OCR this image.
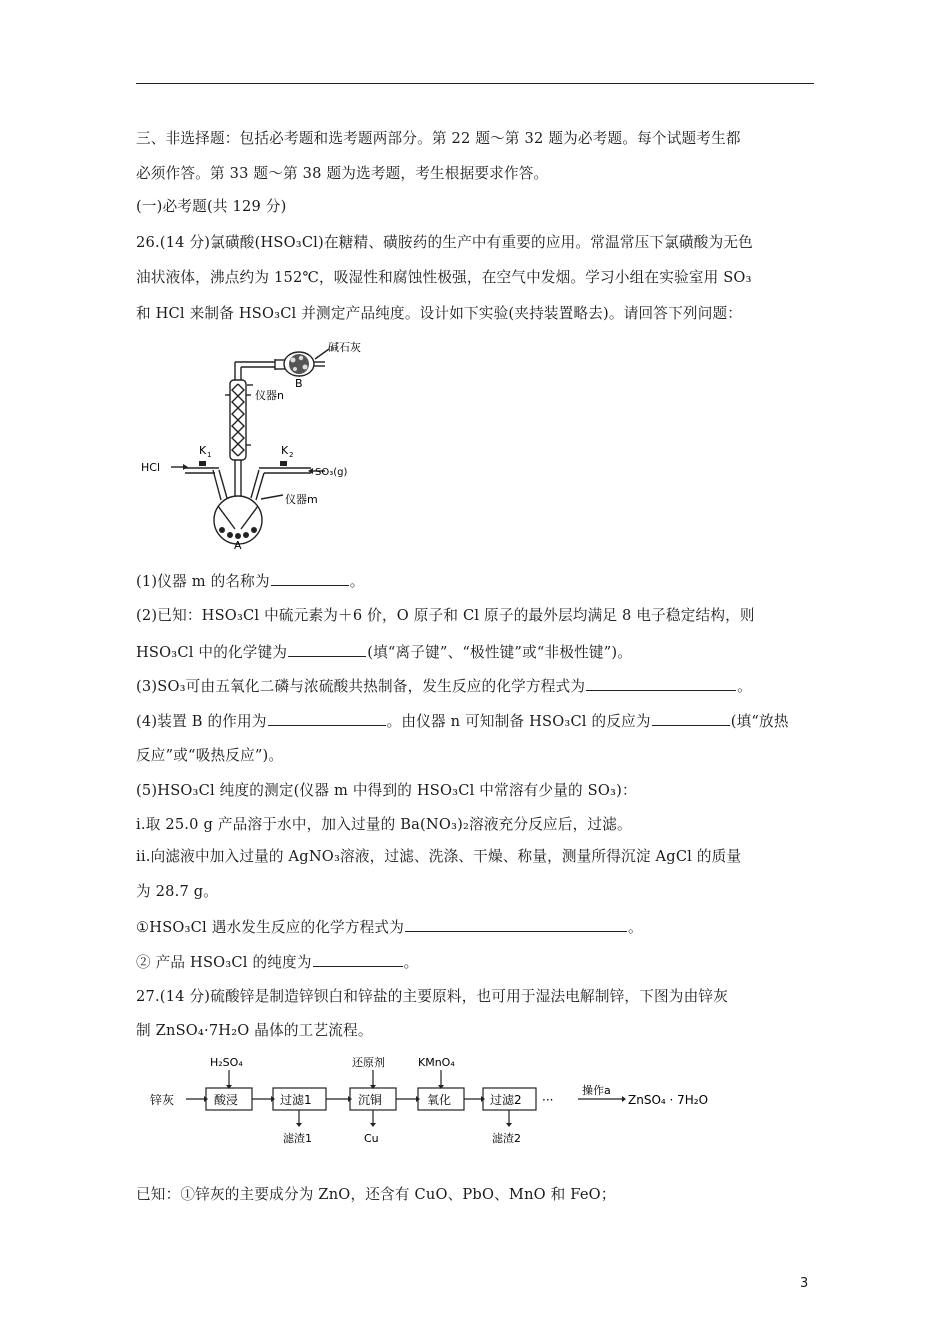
三、非选择题：包括必考题和选考题两部分。第 22 题～第 32 题为必考题。每个试题考生都
必须作答。第 33 题～第 38 题为选考题，考生根据要求作答。
(一)必考题(共 129 分)
26.(14 分)氯磺酸(HSO₃Cl)在糖精、磺胺药的生产中有重要的应用。常温常压下氯磺酸为无色
油状液体，沸点约为 152℃，吸湿性和腐蚀性极强，在空气中发烟。学习小组在实验室用 SO₃
和 HCl 来制备 HSO₃Cl 并测定产品纯度。设计如下实验(夹持装置略去)。请回答下列问题：
碱石灰
B
仪器n
K 1	K 2
HCl	SO₃(g)
仪器m
A
(1)仪器 m 的名称为	。
(2)已知：HSO₃Cl 中硫元素为＋6 价，O 原子和 Cl 原子的最外层均满足 8 电子稳定结构，则
HSO₃Cl 中的化学键为	(填“离子键”、“极性键”或“非极性键”)。
(3)SO₃可由五氧化二磷与浓硫酸共热制备，发生反应的化学方程式为	。
(4)装置 B 的作用为	。由仪器 n 可知制备 HSO₃Cl 的反应为	(填“放热
反应”或“吸热反应”)。
(5)HSO₃Cl 纯度的测定(仪器 m 中得到的 HSO₃Cl 中常溶有少量的 SO₃)：
i.取 25.0 g 产品溶于水中，加入过量的 Ba(NO₃)₂溶液充分反应后，过滤。
ii.向滤液中加入过量的 AgNO₃溶液，过滤、洗涤、干燥、称量，测量所得沉淀 AgCl 的质量
为 28.7 g。
①HSO₃Cl 遇水发生反应的化学方程式为	。
② 产品 HSO₃Cl 的纯度为	。
27.(14 分)硫酸锌是制造锌钡白和锌盐的主要原料，也可用于湿法电解制锌，下图为由锌灰
制 ZnSO₄·7H₂O 晶体的工艺流程。
锌灰	酸浸	过滤1	沉铜	氧化	过滤2
H₂SO₄	还原剂	KMnO₄
滤渣1	Cu	滤渣2
···
操作a
ZnSO₄ · 7H₂O
已知：①锌灰的主要成分为 ZnO，还含有 CuO、PbO、MnO 和 FeO；
3
